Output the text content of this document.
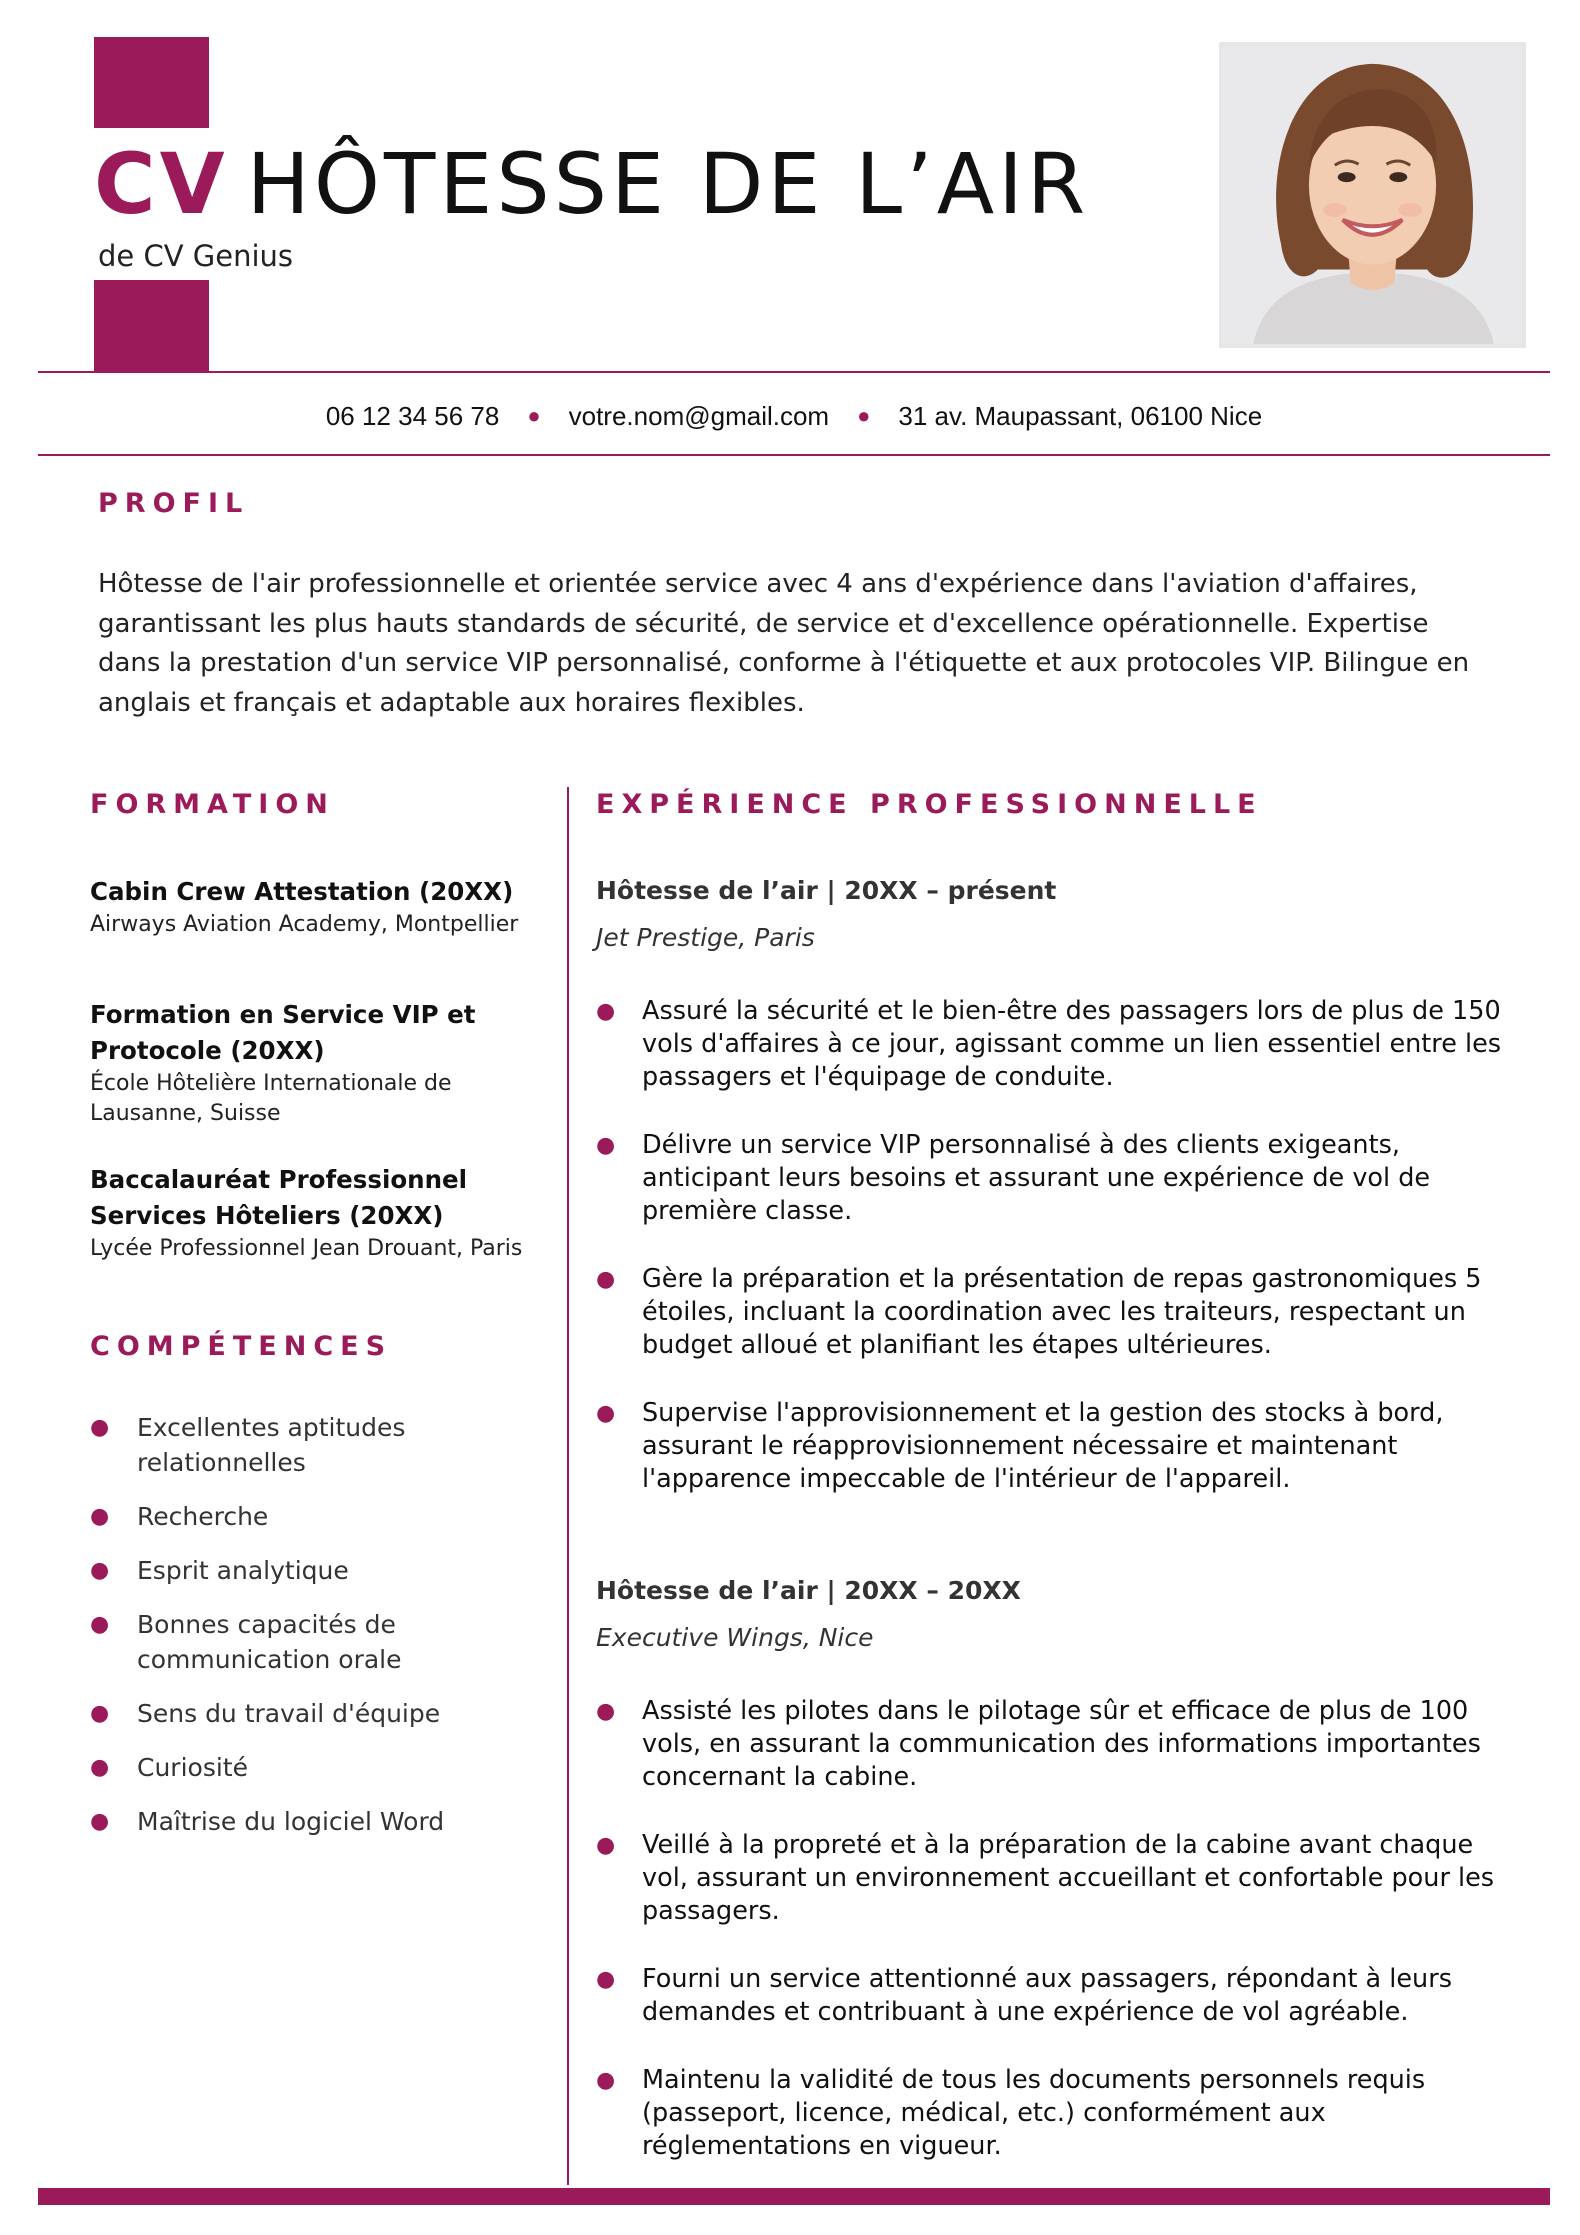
CV HÔTESSE DE L’AIR
de CV Genius
06 12 34 56 78 ● votre.nom@gmail.com ● 31 av. Maupassant, 06100 Nice
PROFIL

Hôtesse de l'air professionnelle et orientée service avec 4 ans d'expérience dans l'aviation d'affaires, garantissant les plus hauts standards de sécurité, de service et d'excellence opérationnelle. Expertise dans la prestation d'un service VIP personnalisé, conforme à l'étiquette et aux protocoles VIP. Bilingue en anglais et français et adaptable aux horaires flexibles.

FORMATION

Cabin Crew Attestation (20XX)

Airways Aviation Academy, Montpellier

Formation en Service VIP et Protocole (20XX)

École Hôtelière Internationale de Lausanne, Suisse

Baccalauréat Professionnel Services Hôteliers (20XX)

Lycée Professionnel Jean Drouant, Paris

COMPÉTENCES
● Excellentes aptitudes relationnelles
● Recherche
● Esprit analytique
● Bonnes capacités de communication orale
● Sens du travail d'équipe
● Curiosité
● Maîtrise du logiciel Word
EXPÉRIENCE PROFESSIONNELLE

Hôtesse de l’air | 20XX – présent

Jet Prestige, Paris

● Assuré la sécurité et le bien-être des passagers lors de plus de 150 vols d'affaires à ce jour, agissant comme un lien essentiel entre les passagers et l'équipage de conduite.
● Délivre un service VIP personnalisé à des clients exigeants, anticipant leurs besoins et assurant une expérience de vol de première classe.
● Gère la préparation et la présentation de repas gastronomiques 5 étoiles, incluant la coordination avec les traiteurs, respectant un budget alloué et planifiant les étapes ultérieures.
● Supervise l'approvisionnement et la gestion des stocks à bord, assurant le réapprovisionnement nécessaire et maintenant l'apparence impeccable de l'intérieur de l'appareil.

Hôtesse de l’air | 20XX – 20XX

Executive Wings, Nice

● Assisté les pilotes dans le pilotage sûr et efficace de plus de 100 vols, en assurant la communication des informations importantes concernant la cabine.
● Veillé à la propreté et à la préparation de la cabine avant chaque vol, assurant un environnement accueillant et confortable pour les passagers.
● Fourni un service attentionné aux passagers, répondant à leurs demandes et contribuant à une expérience de vol agréable.
● Maintenu la validité de tous les documents personnels requis (passeport, licence, médical, etc.) conformément aux réglementations en vigueur.
